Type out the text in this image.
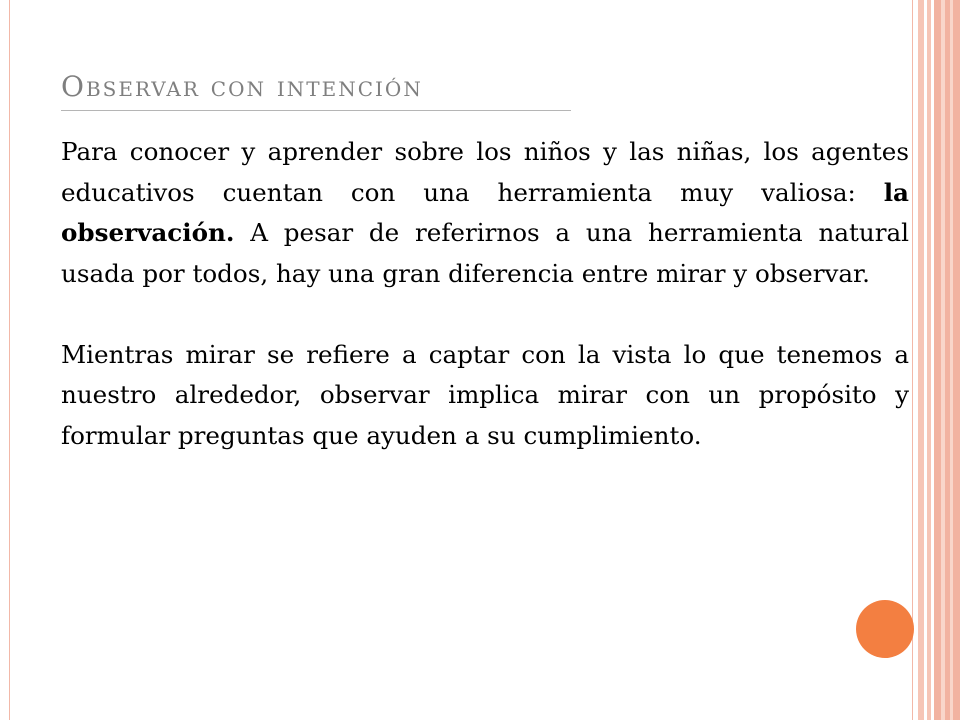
Observar con intención

Para conocer y aprender sobre los niños y las niñas, los agentes educativos cuentan con una herramienta muy valiosa: la observación. A pesar de referirnos a una herramienta natural usada por todos, hay una gran diferencia entre mirar y observar.

Mientras mirar se refiere a captar con la vista lo que tenemos a nuestro alrededor, observar implica mirar con un propósito y formular preguntas que ayuden a su cumplimiento.
